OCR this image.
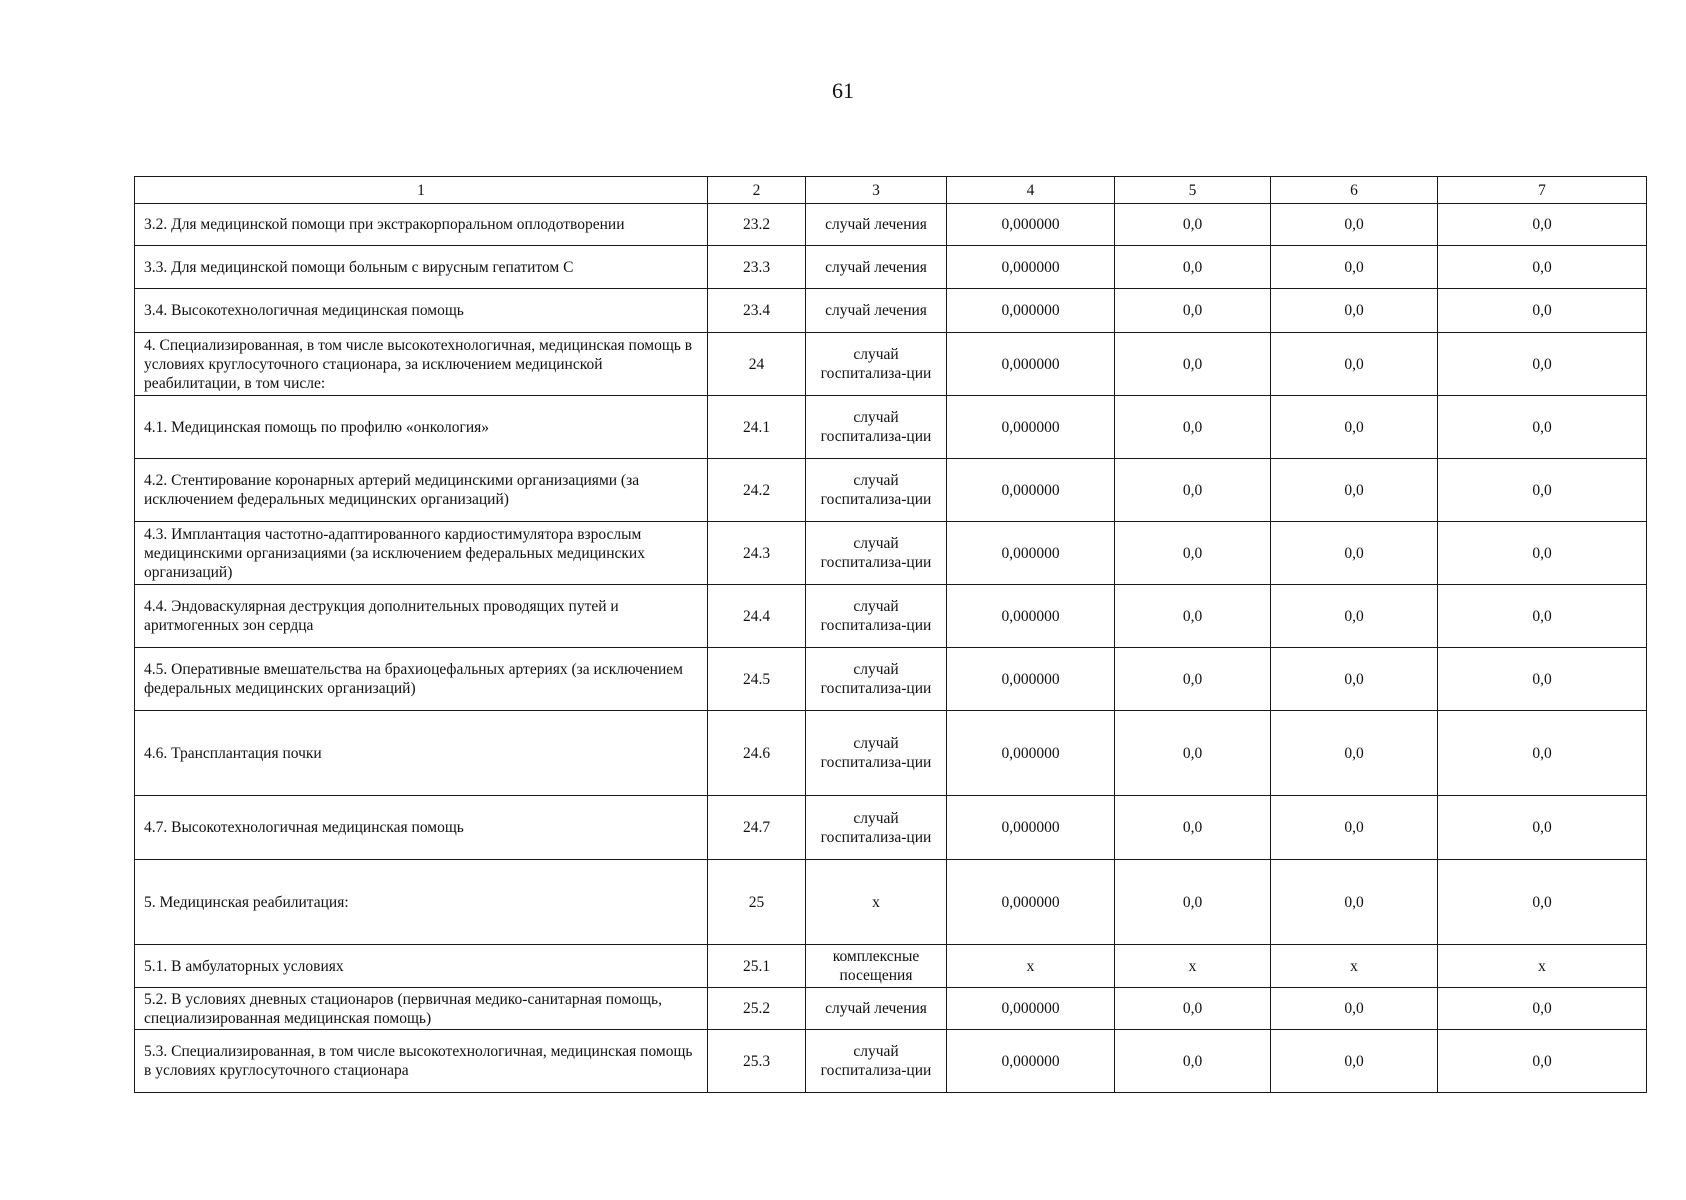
61
1	2	3	4	5	6	7
3.2. Для медицинской помощи при экстракорпоральном оплодотворении	23.2	случай лечения	0,000000	0,0	0,0	0,0
3.3. Для медицинской помощи больным с вирусным гепатитом С	23.3	случай лечения	0,000000	0,0	0,0	0,0
3.4. Высокотехнологичная медицинская помощь	23.4	случай лечения	0,000000	0,0	0,0	0,0
4. Специализированная, в том числе высокотехнологичная, медицинская помощь в условиях круглосуточного стационара, за исключением медицинской реабилитации, в том числе:	24	случай госпитализа-ции	0,000000	0,0	0,0	0,0
4.1. Медицинская помощь по профилю «онкология»	24.1	случай госпитализа-ции	0,000000	0,0	0,0	0,0
4.2. Стентирование коронарных артерий медицинскими организациями (за исключением федеральных медицинских организаций)	24.2	случай госпитализа-ции	0,000000	0,0	0,0	0,0
4.3. Имплантация частотно-адаптированного кардиостимулятора взрослым медицинскими организациями (за исключением федеральных медицинских организаций)	24.3	случай госпитализа-ции	0,000000	0,0	0,0	0,0
4.4. Эндоваскулярная деструкция дополнительных проводящих путей и аритмогенных зон сердца	24.4	случай госпитализа-ции	0,000000	0,0	0,0	0,0
4.5. Оперативные вмешательства на брахиоцефальных артериях (за исключением федеральных медицинских организаций)	24.5	случай госпитализа-ции	0,000000	0,0	0,0	0,0
4.6. Трансплантация почки	24.6	случай госпитализа-ции	0,000000	0,0	0,0	0,0
4.7. Высокотехнологичная медицинская помощь	24.7	случай госпитализа-ции	0,000000	0,0	0,0	0,0
5. Медицинская реабилитация:	25	х	0,000000	0,0	0,0	0,0
5.1. В амбулаторных условиях	25.1	комплексные посещения	х	х	х	х
5.2. В условиях дневных стационаров (первичная медико-санитарная помощь, специализированная медицинская помощь)	25.2	случай лечения	0,000000	0,0	0,0	0,0
5.3. Специализированная, в том числе высокотехнологичная, медицинская помощь в условиях круглосуточного стационара	25.3	случай госпитализа-ции	0,000000	0,0	0,0	0,0
